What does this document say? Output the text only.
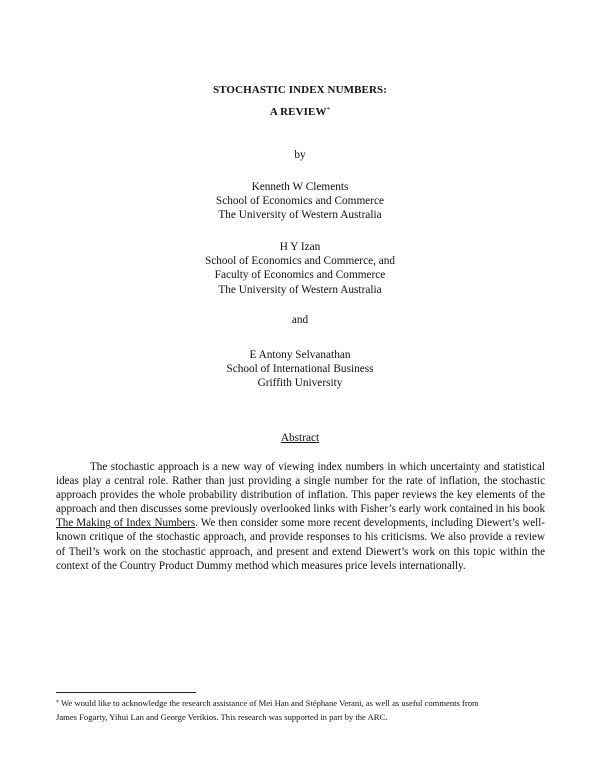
STOCHASTIC INDEX NUMBERS:
A REVIEW*
by
Kenneth W Clements
School of Economics and Commerce
The University of Western Australia
H Y Izan
School of Economics and Commerce, and
Faculty of Economics and Commerce
The University of Western Australia
and
E Antony Selvanathan
School of International Business
Griffith University
Abstract

The stochastic approach is a new way of viewing index numbers in which uncertainty and statistical ideas play a central role. Rather than just providing a single number for the rate of inflation, the stochastic approach provides the whole probability distribution of inflation. This paper reviews the key elements of the approach and then discusses some previously overlooked links with Fisher’s early work contained in his book The Making of Index Numbers. We then consider some more recent developments, including Diewert’s well-known critique of the stochastic approach, and provide responses to his criticisms. We also provide a review of Theil’s work on the stochastic approach, and present and extend Diewert’s work on this topic within the context of the Country Product Dummy method which measures price levels internationally.

* We would like to acknowledge the research assistance of Mei Han and Stéphane Verani, as well as useful comments from
James Fogarty, Yihui Lan and George Verikios. This research was supported in part by the ARC.
